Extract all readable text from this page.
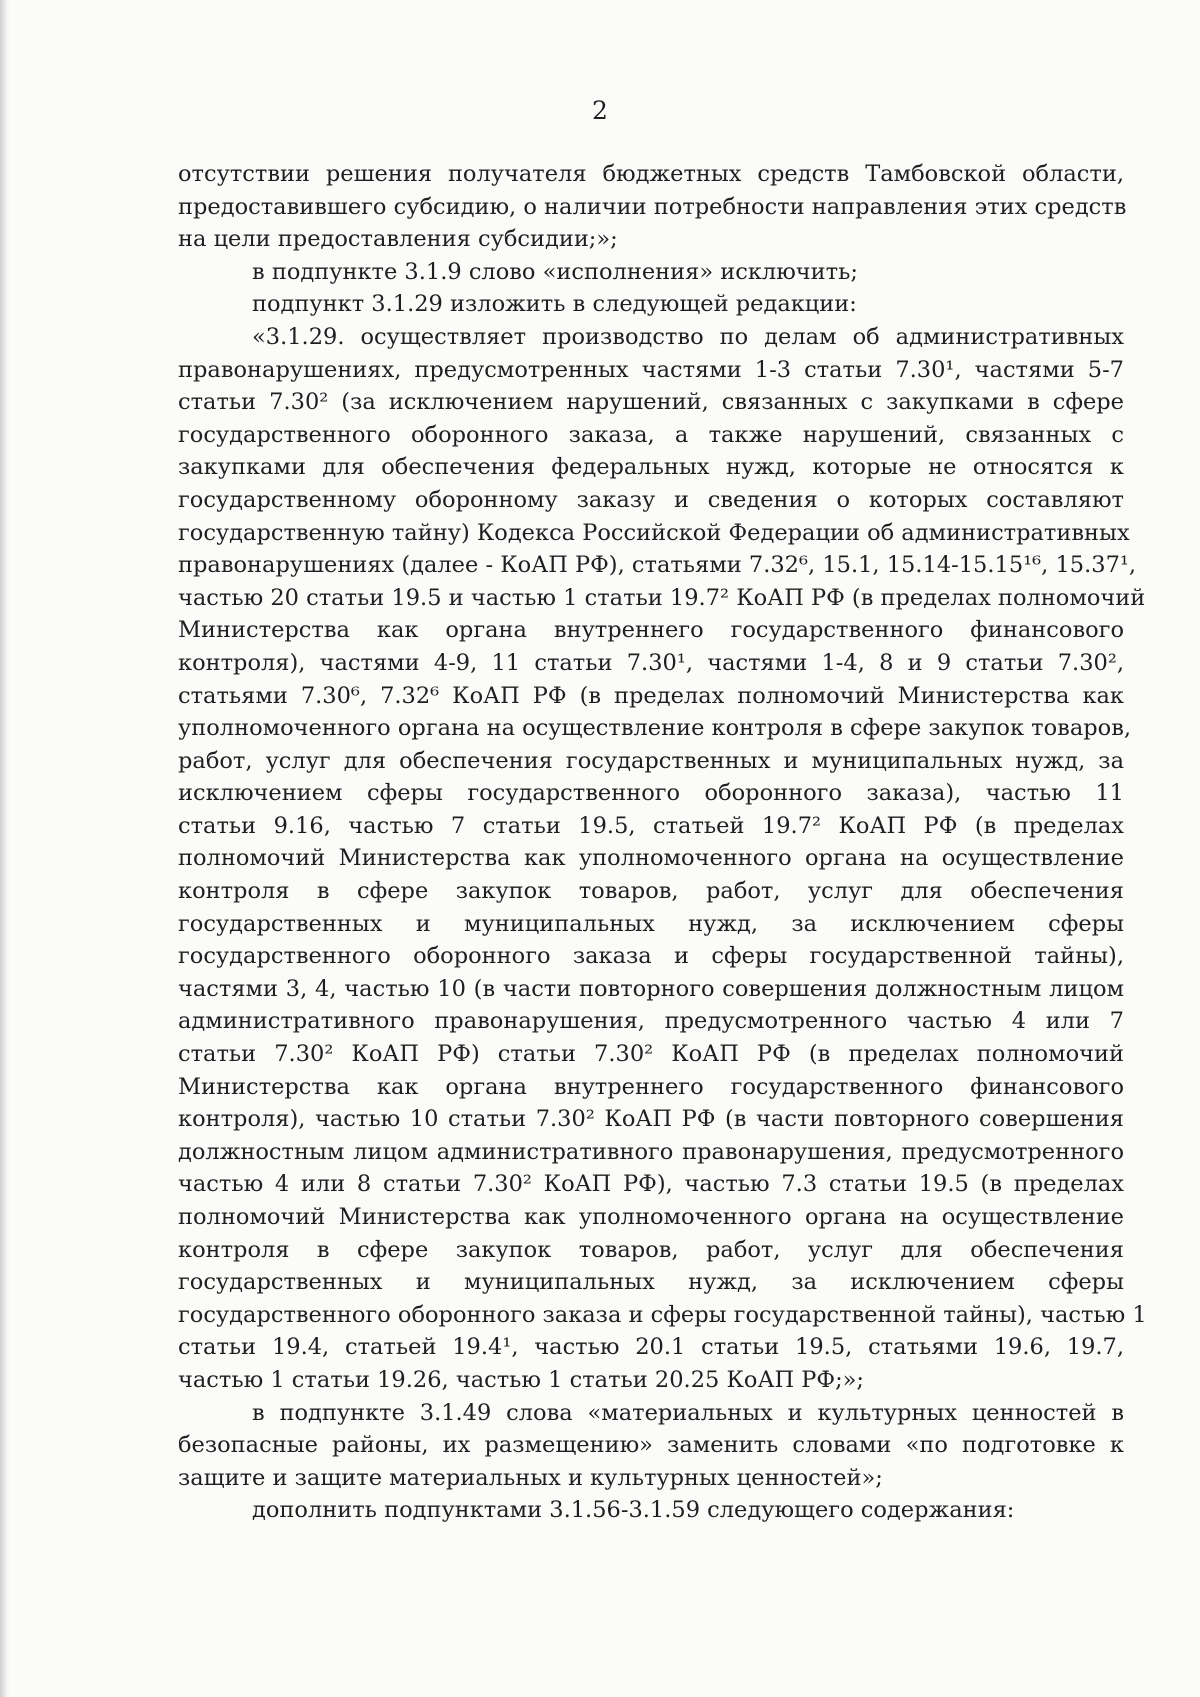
2
отсутствии решения получателя бюджетных средств Тамбовской области,
предоставившего субсидию, о наличии потребности направления этих средств
на цели предоставления субсидии;»;
в подпункте 3.1.9 слово «исполнения» исключить;
подпункт 3.1.29 изложить в следующей редакции:
«3.1.29. осуществляет производство по делам об административных
правонарушениях, предусмотренных частями 1-3 статьи 7.30¹, частями 5-7
статьи 7.30² (за исключением нарушений, связанных с закупками в сфере
государственного оборонного заказа, а также нарушений, связанных с
закупками для обеспечения федеральных нужд, которые не относятся к
государственному оборонному заказу и сведения о которых составляют
государственную тайну) Кодекса Российской Федерации об административных
правонарушениях (далее - КоАП РФ), статьями 7.32⁶, 15.1, 15.14-15.15¹⁶, 15.37¹,
частью 20 статьи 19.5 и частью 1 статьи 19.7² КоАП РФ (в пределах полномочий
Министерства как органа внутреннего государственного финансового
контроля), частями 4-9, 11 статьи 7.30¹, частями 1-4, 8 и 9 статьи 7.30²,
статьями 7.30⁶, 7.32⁶ КоАП РФ (в пределах полномочий Министерства как
уполномоченного органа на осуществление контроля в сфере закупок товаров,
работ, услуг для обеспечения государственных и муниципальных нужд, за
исключением сферы государственного оборонного заказа), частью 11
статьи 9.16, частью 7 статьи 19.5, статьей 19.7² КоАП РФ (в пределах
полномочий Министерства как уполномоченного органа на осуществление
контроля в сфере закупок товаров, работ, услуг для обеспечения
государственных и муниципальных нужд, за исключением сферы
государственного оборонного заказа и сферы государственной тайны),
частями 3, 4, частью 10 (в части повторного совершения должностным лицом
административного правонарушения, предусмотренного частью 4 или 7
статьи 7.30² КоАП РФ) статьи 7.30² КоАП РФ (в пределах полномочий
Министерства как органа внутреннего государственного финансового
контроля), частью 10 статьи 7.30² КоАП РФ (в части повторного совершения
должностным лицом административного правонарушения, предусмотренного
частью 4 или 8 статьи 7.30² КоАП РФ), частью 7.3 статьи 19.5 (в пределах
полномочий Министерства как уполномоченного органа на осуществление
контроля в сфере закупок товаров, работ, услуг для обеспечения
государственных и муниципальных нужд, за исключением сферы
государственного оборонного заказа и сферы государственной тайны), частью 1
статьи 19.4, статьей 19.4¹, частью 20.1 статьи 19.5, статьями 19.6, 19.7,
частью 1 статьи 19.26, частью 1 статьи 20.25 КоАП РФ;»;
в подпункте 3.1.49 слова «материальных и культурных ценностей в
безопасные районы, их размещению» заменить словами «по подготовке к
защите и защите материальных и культурных ценностей»;
дополнить подпунктами 3.1.56-3.1.59 следующего содержания:
